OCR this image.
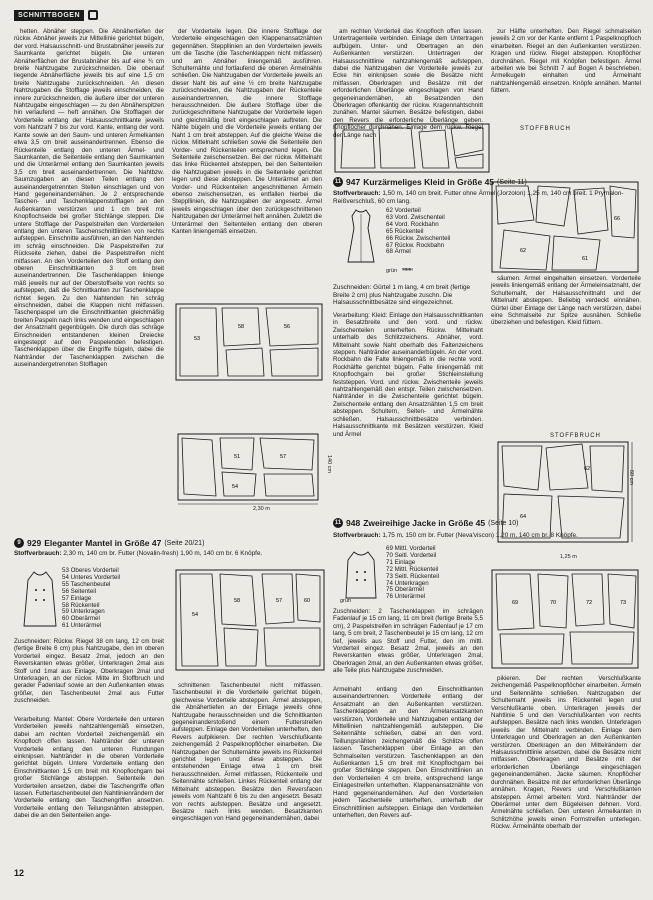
SCHNITTBOGEN

hetten. Abnäher steppen. Die Abnähertiefen der rückw. Abnäher jeweils zur Mittellinie gerichtet bügeln, der vord. Halsausschnitt- und Brustabnäher jeweils zur Saumkante gerichtet bügeln. Die unteren Abnäherflächen der Brustabnäher bis auf eine ¾ cm breite Nahtzugabe zurückschneiden. Die obenauf liegende Abnäherfläche jeweils bis auf eine 1,5 cm breite Nahtzugabe zurückschneiden. An diesen Nahtzugaben die Stofflage jeweils einschneiden, die innere zurückschneiden, die äußere über der unteren Nahtzugabe eingeschlagen — zu den Abnäherspitzen hin verlaufend — heft annähen. Die Stofflagen der Vorderteile entlang der Halsausschnittkante jeweils vom Nahtzahl 7 bis zur vord. Kante, entlang der vord. Kante sowie an den Saum- und unteren Ärmelkanten etwa 3,5 cm breit auseinandertrennen. Ebenso die Rückenteile entlang den unteren Ärmel- und Saumkanten, die Seitenteile entlang den Saumkanten und die Unterärmel entlang den Saumkanten jeweils 3,5 cm breit auseinandertrennen. Die Nahtbzw. Saumzugaben an diesen Teilen entlang den auseinandergetrennten Stellen einschlagen und von Hand gegeneinandernähen. Je 2 entsprechende Taschen- und Taschenklappenstofflagen an den Außenkanten verstürzen und 1 cm breit mit Knopflochseide bei großer Stichlänge steppen. Die untere Stofflage der Paspelstreifen den Vorderteilen entlang den unteren Taschenschnittlinien von rechts aufsteppen. Einschnitte ausführen, an den Nahtenden im schräg einschneiden. Die Paspelstreifen zur Rückseite ziehen, dabei die Paspelstreifen nicht mitfassen. An den Vorderteilen den Stoff entlang den oberen Einschnittkanten 3 cm breit auseinandertrennen. Die Taschenklappen linienge mäß jeweils nur auf der Oberstoffseite von rechts so aufsteppen, daß die Schnittkanten zur Taschenklappe richtet liegen. Zu den Nahtenden hin schräg einschneiden, dabei die Klappen nicht mitfassen. Taschenpaspel um die Einschnittkanten gleichmäßig breiten Paspeln nach links wenden und eingeschlagen der Ansatznaht gegenbügeln. Die durch das schräge Einschneiden entstandenen kleinen Dreiecke eingesteppt auf den Paspelenden befestigen. Taschenklappen über die Eingriffe bügeln, dabei die Nahtränder der Taschenklappen zwischen die auseinandergetrennten Stofflagen

der Vorderteile legen. Die innere Stofflage der Vorderteile eingeschlagen den Klappenansatznähten gegennähen. Steppllinien an den Vorderteilen jeweils um die Tasche (die Taschenklappen nicht mitfassen) und am Abnäher liniengemäß ausführen. Schulternähte und fortlaufend die oberen Ärmelnähte schließen. Die Nahtzugaben der Vorderteile jeweils an dieser Naht bis auf eine ½ cm breite Nahtzugabe zurückschneiden, die Nahtzugaben der Rückenteile auseinandertrennen, die innere Stofflage herausschneiden. Die äußere Stofflage über die zurückgeschnittene Nahtzugabe der Vorderteile legen und gleichmäßig breit eingeschlagen auftreten. Die Nähte bügeln und die Vorderteile jeweils entlang der Naht 1 cm breit absteppen. Auf die gleiche Weise die rückw. Mittelnaht schließen sowie die Seitenteile den Vorder- und Rückenteilen entsprechend legen. Die Seitenteile zwischensetzen. Bei der rückw. Mittelnaht das linke Rückenteil absteppen, bei den Seitenteilen die Nahtzugaben jeweils in die Seitenteile gerichtet legen und diese absteppen. Die Unterärmel an den Vorder- und Rückenteilen angeschnittenen Ärmeln ebenso zwischensetzen, es entfallen hierbei die Steppllinien, die Nahtzugaben der angesetz. Ärmel jeweils eingeschlagen über den zurückgeschnittenen Nahtzugaben der Unterärmel heft annähen. Zuletzt die Unterärmel den Seitenteilen entlang den oberen Kanten liniengemäß einsetzen.

am rechten Vorderteil das Knopfloch offen lassen. Untertragenteile verbinden. Einlage dem Untertragen aufbügeln. Unter- und Obertragen an den Außenkanten verstürzen. Untertragen der Halsausschnittlinie nahtzahlengemäß aufsteppen, dabei die Nahtzugaben der Vorderteile jeweils zur Ecke hin einknipsen sowie die Besätze nicht mitfassen. Oberkragen und Besätze mit der erforderlichen Überlänge eingeschlagen von Hand gegeneinandernähen, ab Besatzenden den Oberkragen offenkantig der rückw. Kragennahtschnitt zunähen. Mantel säumen. Besätze befestigen, dabei den Revers die erforderliche Überlänge geben. Knopflöcher durchnähen. Einlage dem rückw. Riegel der Länge nach

zur Hälfte unterheften. Den Riegel schmalseiten jeweils 2 cm vor der Kante entfernt 1 Paspelknopfloch einarbeiten. Riegel an den Außenkanten verstürzen. Kragen und rückw. Riegel absteppen. Knopflöcher durchnähen. Riegel mit Knöpfen befestigen. Ärmel arbeiten wie bei Schnitt 7 auf Bogen A beschrieben. Ärmelkugeln einhalten und Ärmelnaht nahtzahlengemäß einsetzen. Knöpfe annähen. Mantel füttern.

STOFFBRUCH
11 947 Kurzärmeliges Kleid in Größe 45 (Seite 11)
Stoffverbrauch: 1,50 m, 140 cm breit. Futter ohne Ärmel (Jorzolon) 1,25 m, 140 cm breit. 1 Prymalon-Reißverschluß, 60 cm lang.
62 Vorderteil
63 Vord. Zwischenteil
64 Vord. Rockbahn
65 Rückenteil
66 Rückw. Zwischenteil
67 Rückw. Rockbahn
68 Ärmel
grün ᴺᴺᴺᴺᴺᴺᴺ
61
62
66

säumen. Ärmel eingehalten einsetzen. Vorderteile jeweils liniengemäß entlang der Ärmeleinsatznaht, der Schulternaht, der Halsausschnittnaht und der Mittelnaht absteppen. Beliebig verdeckt einnähen. Gürtel über Einlage der Länge nach verstürzen, dabei eine Schmalseite zur Spitze ausnähen. Schließe überziehen und befestigen. Kleid füttern.

Zuschneiden: Gürtel 1 m lang, 4 cm breit (fertige Breite 2 cm) plus Nahtzugabe zuschn. Die Halsausschnittbesätze sind eingezeichnet.
Verarbeitung: Kleid: Einlage den Halsausschnittkanten in Besatzbreite und den vord. und rückw. Zwischenteilen unterheften. Rückw. Mittelnaht unterhalb des Schlitzzeichens. Abnäher, vord. Mittelnaht sowie Naht oberhalb des Faltenzeichens steppen. Nahtränder auseinanderbügeln. An der vord. Rockbahn die Falte liniengemäß in die rechte vord. Rockhälfte gerichtet bügeln. Falte liniengemäß mit Knopflochgarn bei großer Stichleinstellung feststeppen. Vord. und rückw. Zwischenteile jeweils nahtzahlengemäß den entspr. Teilen zwischensetzen. Nahtränder in die Zwischenteile gerichtet bügeln. Zwischenteile entlang den Ansatznähten 1,5 cm breit absteppen. Schultern, Seiten- und Ärmelnähte schließen. Halsausschnittbesätze verbinden. Halsausschnittkante mit Besätzen verstürzen. Kleid und Ärmel	STOFFBRUCH
62
64
60 cm
1,25 m
11 948 Zweireihige Jacke in Größe 45 (Seite 10)
Stoffverbrauch: 1,75 m, 150 cm br. Futter (Neva'viscon) 1,20 m, 140 cm br. 8 Knöpfe.
69 Mittl. Vorderteil
70 Seitl. Vorderteil
71 Einlage
72 Mittl. Rückenteil
73 Seitl. Rückenteil
74 Unterkragen
75 Oberärmel
76 Unterärmel
grün
Zuschneiden: 2 Taschenklappen im schrägen Fadenlauf je 15 cm lang, 11 cm breit (fertige Breite 5,5 cm), 2 Paspelstreifen im schrägen Fadenlauf je 17 cm lang, 5 cm breit, 2 Taschenbeutel je 15 cm lang, 12 cm tief, jeweils aus Stoff und Futter, den im mittl. Vorderteil eingez. Besatz 2mal, jeweils an den Reverskanten etwas größer, Unterkragen 2mal, Oberkragen 2mal, an den Außenkanten etwas größer, alle Teile plus Nahtzugabe zuschneiden.
Ärmelnaht entlang den Einschnittkanten auseinandertrennen. Vorderteile entlang der Ansatznaht an den Außenkanten verstürzen. Taschenklappen an den Ärmelansatzkanten verstürzen, Vorderteile und Nahtzugaben entlang der Mittellinien nahtzahlengemäß aufsteppen. Die Seitennähte schließen, dabei an den vord. Teillungsnähten zeichengemäß die Schlitze offen lassen. Taschenklappen über Einlage an den Schmalseiten verstürzen. Taschenklappen an den Außenkanten 1,5 cm breit mit Knopflochgarn bei großer Stichlänge steppen. Den Einschnittlinien an den Vorderteilen 4 cm breite, entsprechend lange Einlagestreifen unterheften. Klappenansatznähte von Hand gegeneinandernähen. Auf den Vorderteilen jedem Taschenteile unterheften, unterhalb der Einschnittlinien aufsteppen. Einlage den Vorderteilen unterheften, den Revers auf-
69	70	72	73

pikieren. Der rechten Verschlußkante zeichengemäß Paspelknopflöcher einarbeiten. Ärmeln und Seitennähte schließen. Nahtzugaben der Schulternaht jeweils ins Rückenteil legen und Verschlußkante oben. Unterkragen jeweils der Nahtlinie 5 und den Verschlußkanten von rechts aufsteppen. Besätze nach links wenden. Unterkragen jeweils der Mittelnaht verbinden. Einlage dem Unterkragen und Oberkragen an den Außenkanten verstürzen. Oberkragen an den Mittelrändern der Halsausschnittlinie ansetzen, dabei die Besätze nicht mitfassen. Oberkragen und Besätze mit der erforderlichen Überlänge eingeschlagen gegeneinandernähen. Jacke säumen. Knopflöcher durchnähen. Besätze mit der erforderlichen Überlänge annähen. Kragen, Revers und Verschlußkanten absteppen. Ärmel arbeiten: Vord. Nahtränder der Oberärmel unter dem Bügeleisen dehnen. Vord. Ärmelnähte schließen. Den unteren Ärmelkanten in Schlitzhöhe jeweils einen Formstreifen unterlegen. Rückw. Ärmelnähte oberhalb der

53
58	56
51
54
57
2,30 m
140 cm
9 929 Eleganter Mantel in Größe 47 (Seite 20/21)
Stoffverbrauch: 2,30 m, 140 cm br. Futter (Novalin-fresh) 1,90 m, 140 cm br. 6 Knöpfe.
53 Oberes Vorderteil
54 Unteres Vorderteil
55 Taschenbeutel
56 Seitenteil
57 Einlage
58 Rückenteil
59 Unterkragen
60 Oberärmel
61 Unterärmel
54
58	57	60
Zuschneiden: Rückw. Riegel 38 cm lang, 12 cm breit (fertige Breite 6 cm) plus Nahtzugabe, den im oberen Vorderteil eingez. Besatz 2mal, jedoch an den Reverskanten etwas größer, Unterkragen 2mal aus Stoff und 1mal aus Einlage, Oberkragen 2mal und Unterkragen, an der rückw. Mitte im Stoffbruch und gerader Fadenlauf sowie an den Außenkanten etwas größer, den Taschenbeutel 2mal aus Futter zuschneiden.
Verarbeitung: Mantel: Obere Vorderteile den unteren Vorderteilen jeweils nahtzahlengemäß einsetzen, dabei am rechten Vorderteil zeichengemäß ein Knopfloch offen lassen. Nahtränder der unteren Vorderteile entlang den unteren Rundungen einknipsen. Nahtränder in die oberen Vorderteile gerichtet bügeln. Untere Vorderteile entlang den Einschnittkanten 1,5 cm breit mit Knopflochgarn bei großer Stichlänge absteppen. Seitenteile den Vorderteilen ansetzen, dabei die Taschengriffe offen lassen. Futtertaschenbeutel den Nahtlinienrändern der Vorderteile entlang den Taschengriffen ansetzen. Vorderteile entlang den Teilungsnähten absteppen, dabei die an den Seitenteilen ange-

schnittenen Taschenbeutel nicht mitfassen. Taschenbeutel in die Vorderteile gerichtet bügeln, gleichweise Vorderteile absteppen. Ärmel absteppen, die Abnähertiefen an der Einlage jeweils ohne Nahtzugabe herausschneiden und die Schnittkanten gegeneinanderstoßend einem Futterstreifen aufsteppen. Einlage den Vorderteilen unterheften, den Revers aufpikieren. Der rechten Verschlußkante zeichengemäß 2 Paspelknopflöcher einarbeiten. Die Nahtzugaben der Schulternähte jeweils ins Rückenteil gerichtet legen und diese absteppen. Die entstehenden Einlage etwa 1 cm breit herausschneiden. Ärmel mitfassen, Rückenteile und Seitennähte schließen. Linkes Rückenteil entlang der Mittelnaht absteppen. Besätze den Reversfacen jeweils vom Nahtzahl 6 bis zu den angesetzt. Besatz von rechts aufsteppen. Besätze und angesetzt. Besätze nach links wenden. Besatzkanten eingeschlagen von Hand gegeneinandernähen, dabei

12
